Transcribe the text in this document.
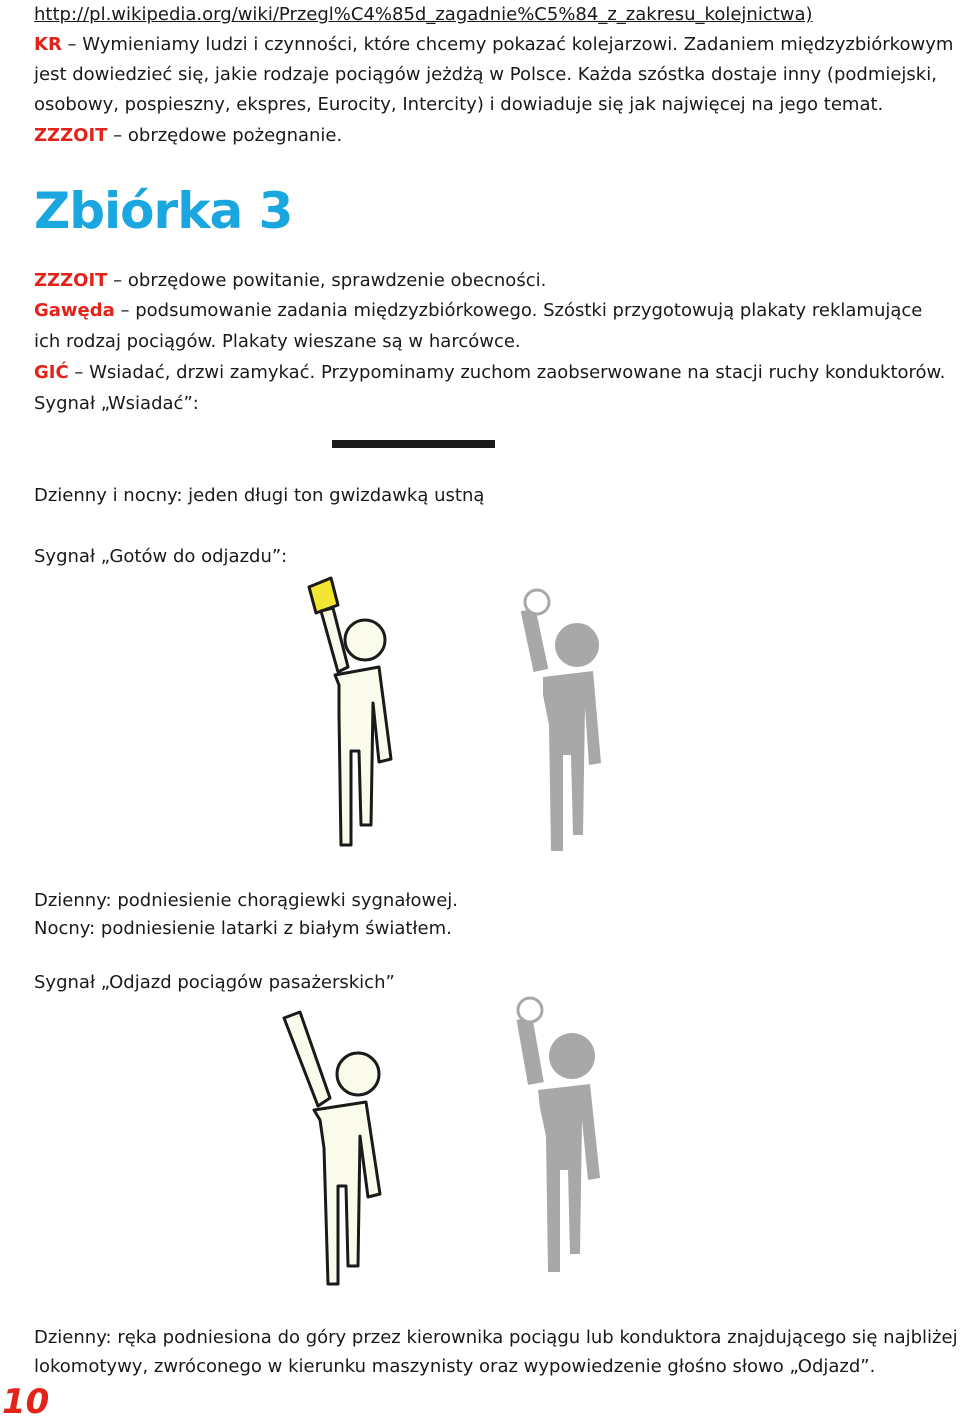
http://pl.wikipedia.org/wiki/Przegl%C4%85d_zagadnie%C5%84_z_zakresu_kolejnictwa)
KR – Wymieniamy ludzi i czynności, które chcemy pokazać kolejarzowi. Zadaniem międzyzbiórkowym
jest dowiedzieć się, jakie rodzaje pociągów jeżdżą w Polsce. Każda szóstka dostaje inny (podmiejski,
osobowy, pospieszny, ekspres, Eurocity, Intercity) i dowiaduje się jak najwięcej na jego temat.
ZZZOIT – obrzędowe pożegnanie.
Zbiórka 3
ZZZOIT – obrzędowe powitanie, sprawdzenie obecności.
Gawęda – podsumowanie zadania międzyzbiórkowego. Szóstki przygotowują plakaty reklamujące
ich rodzaj pociągów. Plakaty wieszane są w harcówce.
GIĆ – Wsiadać, drzwi zamykać. Przypominamy zuchom zaobserwowane na stacji ruchy konduktorów.
Sygnał „Wsiadać”:
Dzienny i nocny: jeden długi ton gwizdawką ustną
Sygnał „Gotów do odjazdu”:
Dzienny: podniesienie chorągiewki sygnałowej.
Nocny: podniesienie latarki z białym światłem.
Sygnał „Odjazd pociągów pasażerskich”
Dzienny: ręka podniesiona do góry przez kierownika pociągu lub konduktora znajdującego się najbliżej
lokomotywy, zwróconego w kierunku maszynisty oraz wypowiedzenie głośno słowo „Odjazd”.
10
